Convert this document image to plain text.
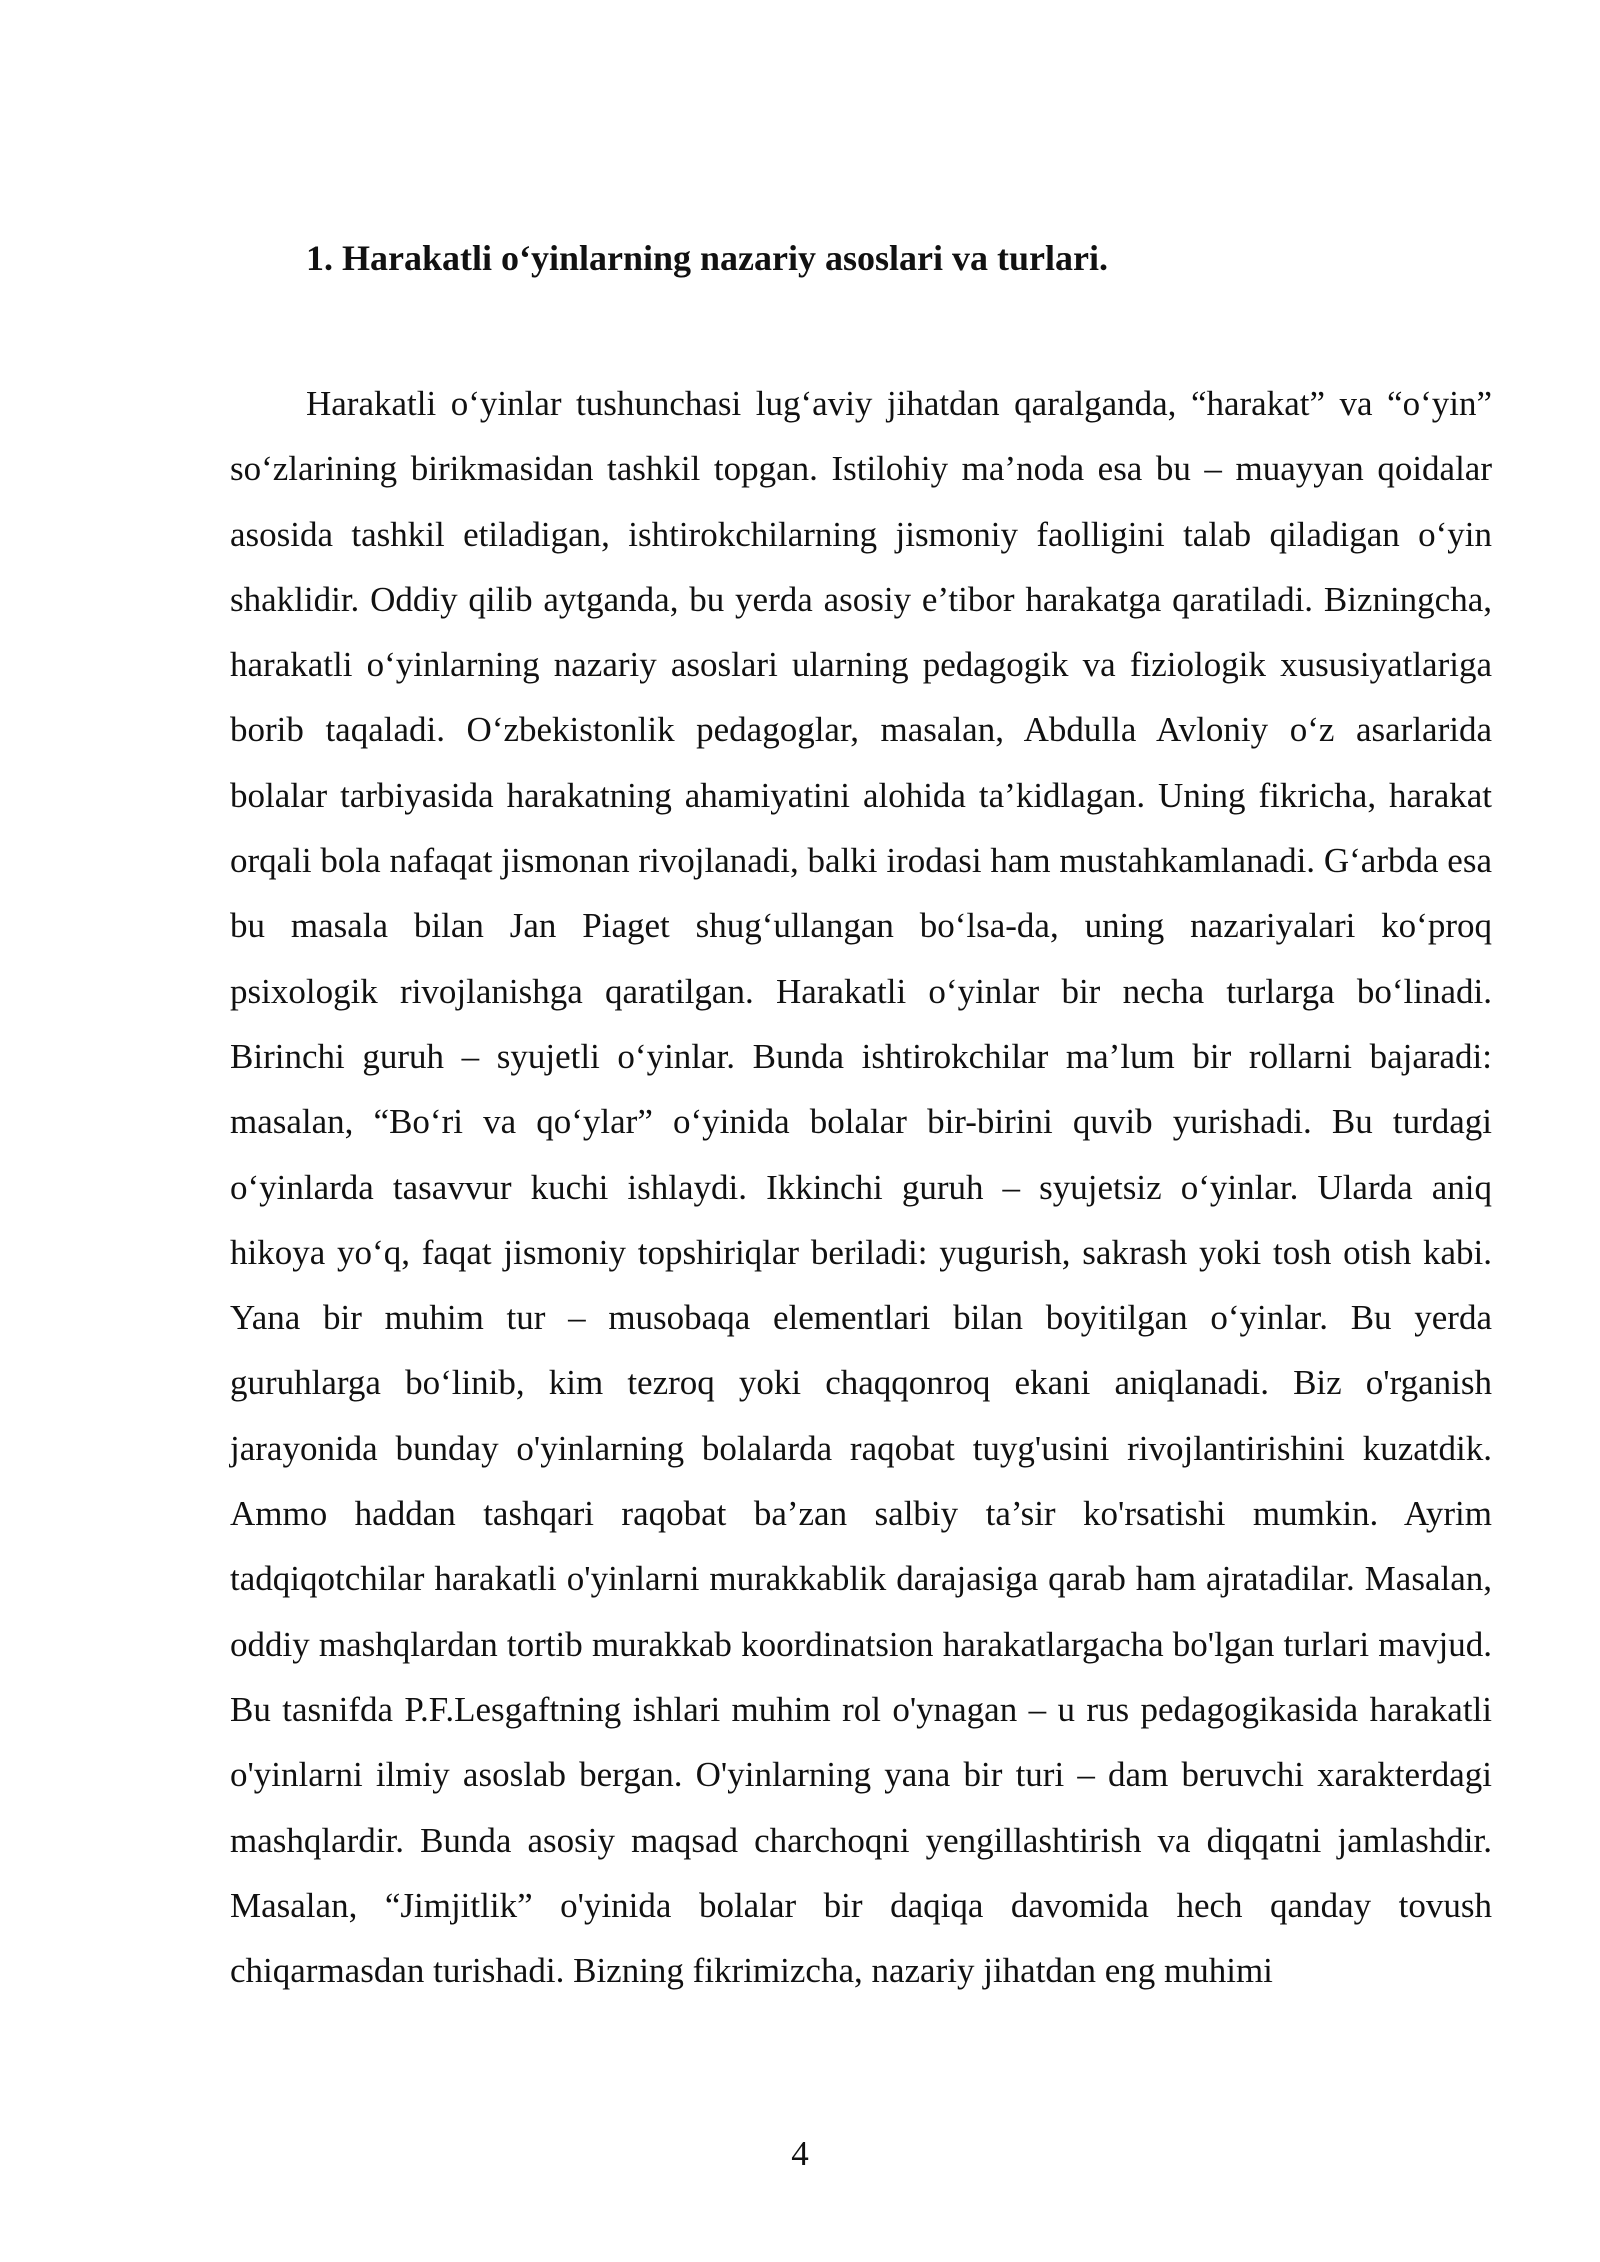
1. Harakatli o‘yinlarning nazariy asoslari va turlari.

Harakatli o‘yinlar tushunchasi lug‘aviy jihatdan qaralganda, “harakat” va “o‘yin” so‘zlarining birikmasidan tashkil topgan. Istilohiy ma’noda esa bu – muayyan qoidalar asosida tashkil etiladigan, ishtirokchilarning jismoniy faolligini talab qiladigan o‘yin shaklidir. Oddiy qilib aytganda, bu yerda asosiy e’tibor harakatga qaratiladi. Bizningcha, harakatli o‘yinlarning nazariy asoslari ularning pedagogik va fiziologik xususiyatlariga borib taqaladi. O‘zbekistonlik pedagoglar, masalan, Abdulla Avloniy o‘z asarlarida bolalar tarbiyasida harakatning ahamiyatini alohida ta’kidlagan. Uning fikricha, harakat orqali bola nafaqat jismonan rivojlanadi, balki irodasi ham mustahkamlanadi. G‘arbda esa bu masala bilan Jan Piaget shug‘ullangan bo‘lsa-da, uning nazariyalari ko‘proq psixologik rivojlanishga qaratilgan. Harakatli o‘yinlar bir necha turlarga bo‘linadi. Birinchi guruh – syujetli o‘yinlar. Bunda ishtirokchilar ma’lum bir rollarni bajaradi: masalan, “Bo‘ri va qo‘ylar” o‘yinida bolalar bir-birini quvib yurishadi. Bu turdagi o‘yinlarda tasavvur kuchi ishlaydi. Ikkinchi guruh – syujetsiz o‘yinlar. Ularda aniq hikoya yo‘q, faqat jismoniy topshiriqlar beriladi: yugurish, sakrash yoki tosh otish kabi. Yana bir muhim tur – musobaqa elementlari bilan boyitilgan o‘yinlar. Bu yerda guruhlarga bo‘linib, kim tezroq yoki chaqqonroq ekani aniqlanadi. Biz o'rganish jarayonida bunday o'yinlarning bolalarda raqobat tuyg'usini rivojlantirishini kuzatdik. Ammo haddan tashqari raqobat ba’zan salbiy ta’sir ko'rsatishi mumkin. Ayrim tadqiqotchilar harakatli o'yinlarni murakkablik darajasiga qarab ham ajratadilar. Masalan, oddiy mashqlardan tortib murakkab koordinatsion harakatlargacha bo'lgan turlari mavjud. Bu tasnifda P.F.Lesgaftning ishlari muhim rol o'ynagan – u rus pedagogikasida harakatli o'yinlarni ilmiy asoslab bergan. O'yinlarning yana bir turi – dam beruvchi xarakterdagi mashqlardir. Bunda asosiy maqsad charchoqni yengillashtirish va diqqatni jamlashdir. Masalan, “Jimjitlik” o'yinida bolalar bir daqiqa davomida hech qanday tovush chiqarmasdan turishadi. Bizning fikrimizcha, nazariy jihatdan eng muhimi

4
